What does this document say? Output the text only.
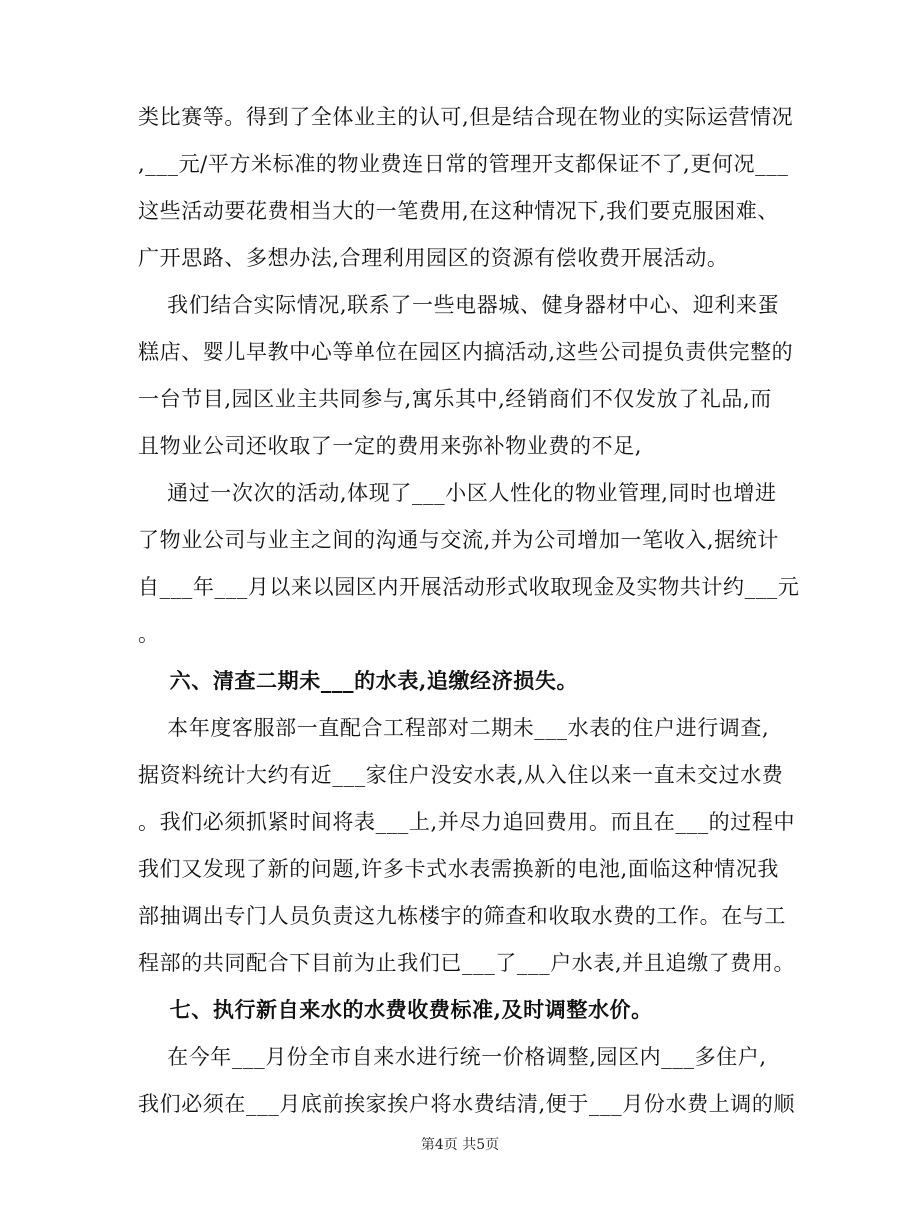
类比赛等。得到了全体业主的认可,但是结合现在物业的实际运营情况
,___元/平方米标准的物业费连日常的管理开支都保证不了,更何况___
这些活动要花费相当大的一笔费用,在这种情况下,我们要克服困难、
广开思路、多想办法,合理利用园区的资源有偿收费开展活动。
我们结合实际情况,联系了一些电器城、健身器材中心、迎利来蛋
糕店、婴儿早教中心等单位在园区内搞活动,这些公司提负责供完整的
一台节目,园区业主共同参与,寓乐其中,经销商们不仅发放了礼品,而
且物业公司还收取了一定的费用来弥补物业费的不足,
通过一次次的活动,体现了___小区人性化的物业管理,同时也增进
了物业公司与业主之间的沟通与交流,并为公司增加一笔收入,据统计
自___年___月以来以园区内开展活动形式收取现金及实物共计约___元
。
六、清查二期未___的水表,追缴经济损失。
本年度客服部一直配合工程部对二期未___水表的住户进行调查,
据资料统计大约有近___家住户没安水表,从入住以来一直未交过水费
。我们必须抓紧时间将表___上,并尽力追回费用。而且在___的过程中
我们又发现了新的问题,许多卡式水表需换新的电池,面临这种情况我
部抽调出专门人员负责这九栋楼宇的筛查和收取水费的工作。在与工
程部的共同配合下目前为止我们已___了___户水表,并且追缴了费用。
七、执行新自来水的水费收费标准,及时调整水价。
在今年___月份全市自来水进行统一价格调整,园区内___多住户,
我们必须在___月底前挨家挨户将水费结清,便于___月份水费上调的顺
第4页 共5页
